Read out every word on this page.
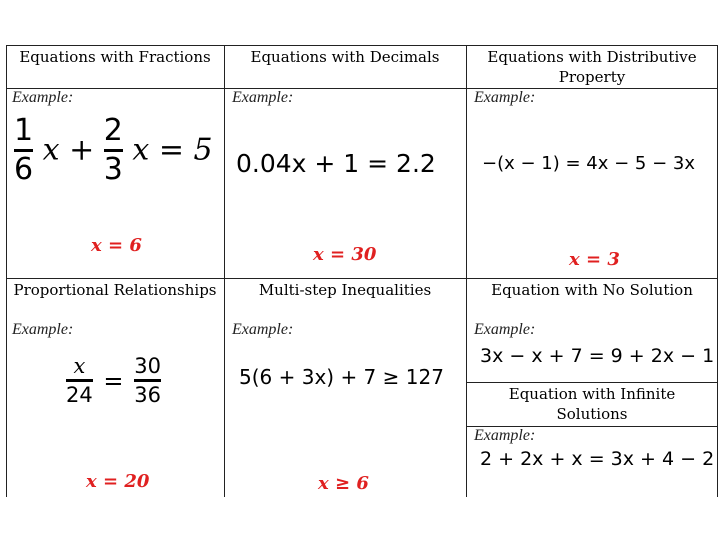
Equations with Fractions
Example:
$\frac{1}{6}$ $x + \frac{2}{3}$ x = 5
x = 6
Equations with Decimals
Example:
0.04x + 1 = 2.2
x = 30
Equations with Distributive Property
Example:
−(x − 1) = 4x − 5 − 3x
x = 3
Proportional Relationships
Example:
$\frac{x}{24} = \frac{30}{36}$
x = 20
Multi-step Inequalities
Example:
5(6 + 3x) + 7 ≥ 127
x ≥ 6
Equation with No Solution
Example:
3x − x + 7 = 9 + 2x − 1
Equation with Infinite Solutions
Example:
2 + 2x + x = 3x + 4 − 2
